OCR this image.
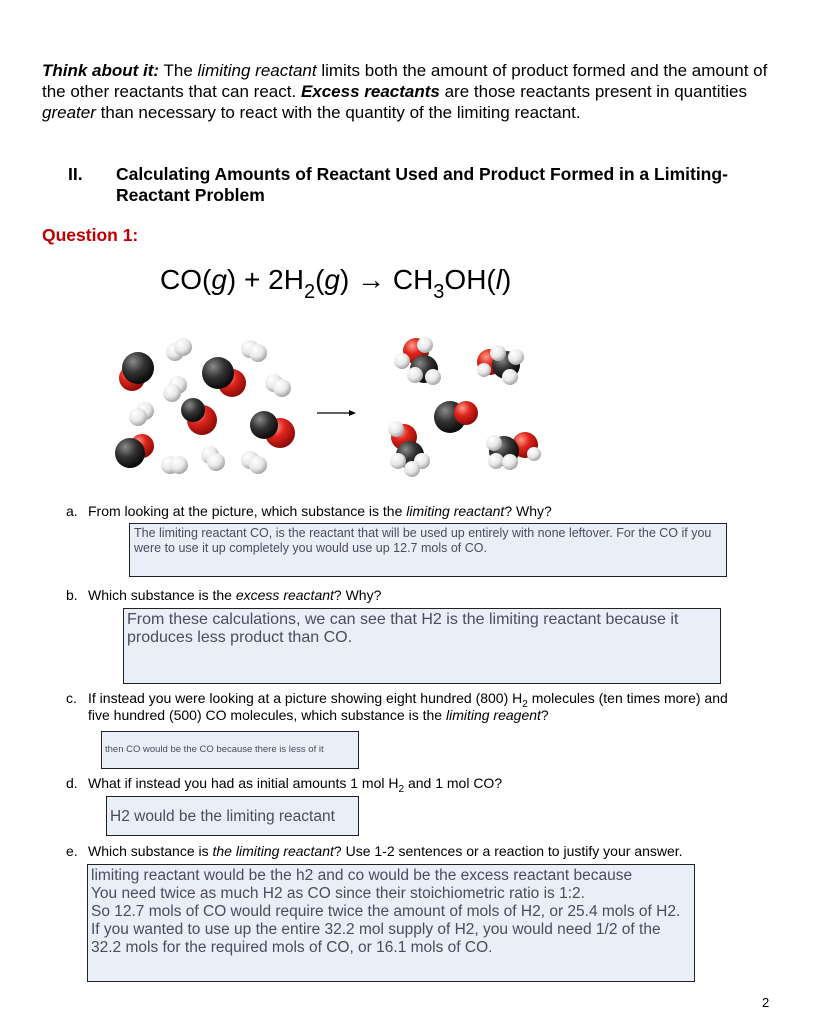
Think about it: The limiting reactant limits both the amount of product formed and the amount of the other reactants that can react. Excess reactants are those reactants present in quantities greater than necessary to react with the quantity of the limiting reactant.
II. Calculating Amounts of Reactant Used and Product Formed in a Limiting-Reactant Problem
Question 1:
$CO(g) + 2H_2(g) \to CH_3OH(l)$
a. From looking at the picture, which substance is the limiting reactant? Why?
The limiting reactant CO, is the reactant that will be used up entirely with none leftover. For the CO if you were to use it up completely you would use up 12.7 mols of CO.
b. Which substance is the excess reactant? Why?
From these calculations, we can see that H2 is the limiting reactant because it produces less product than CO.
c. If instead you were looking at a picture showing eight hundred (800) $H_2$ molecules (ten times more) and
five hundred (500) CO molecules, which substance is the limiting reagent?
then CO would be the CO because there is less of it
d. What if instead you had as initial amounts 1 mol $H_2$ and 1 mol CO?
H2 would be the limiting reactant
e. Which substance is the limiting reactant? Use 1-2 sentences or a reaction to justify your answer.

limiting reactant would be the h2 and co would be the excess reactant because

You need twice as much H2 as CO since their stoichiometric ratio is 1:2.

So 12.7 mols of CO would require twice the amount of mols of H2, or 25.4 mols of H2. If you wanted to use up the entire 32.2 mol supply of H2, you would need 1/2 of the 32.2 mols for the required mols of CO, or 16.1 mols of CO.

2
